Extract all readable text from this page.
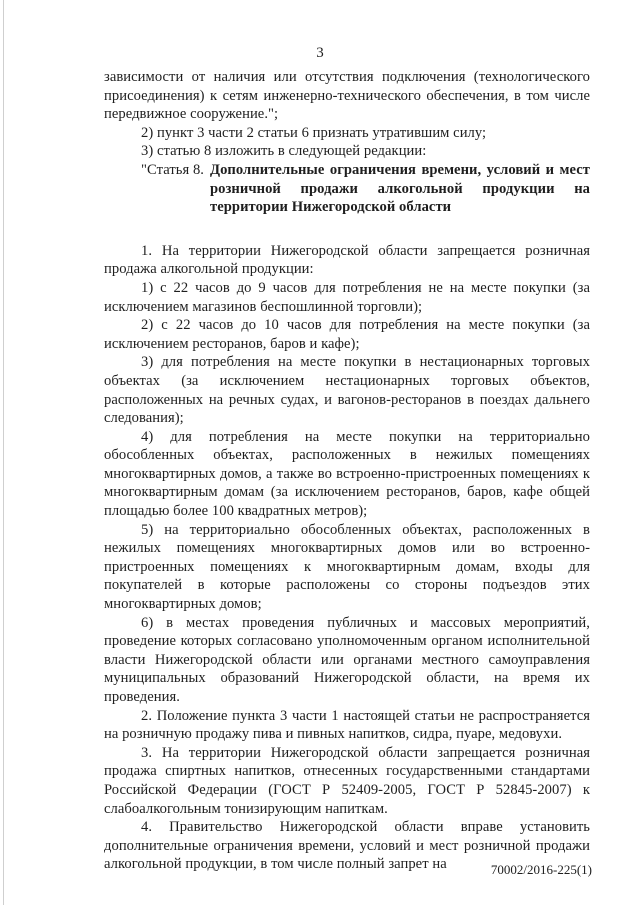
3

зависимости от наличия или отсутствия подключения (технологического присоединения) к сетям инженерно-технического обеспечения, в том числе передвижное сооружение.";

2) пункт 3 части 2 статьи 6 признать утратившим силу;

3) статью 8 изложить в следующей редакции:

"Статья 8. Дополнительные ограничения времени, условий и мест розничной продажи алкогольной продукции на территории Нижегородской области

1. На территории Нижегородской области запрещается розничная продажа алкогольной продукции:

1) с 22 часов до 9 часов для потребления не на месте покупки (за исключением магазинов беспошлинной торговли);

2) с 22 часов до 10 часов для потребления на месте покупки (за исключением ресторанов, баров и кафе);

3) для потребления на месте покупки в нестационарных торговых объектах (за исключением нестационарных торговых объектов, расположенных на речных судах, и вагонов-ресторанов в поездах дальнего следования);

4) для потребления на месте покупки на территориально обособленных объектах, расположенных в нежилых помещениях многоквартирных домов, а также во встроенно-пристроенных помещениях к многоквартирным домам (за исключением ресторанов, баров, кафе общей площадью более 100 квадратных метров);

5) на территориально обособленных объектах, расположенных в нежилых помещениях многоквартирных домов или во встроенно-пристроенных помещениях к многоквартирным домам, входы для покупателей в которые расположены со стороны подъездов этих многоквартирных домов;

6) в местах проведения публичных и массовых мероприятий, проведение которых согласовано уполномоченным органом исполнительной власти Нижегородской области или органами местного самоуправления муниципальных образований Нижегородской области, на время их проведения.

2. Положение пункта 3 части 1 настоящей статьи не распространяется на розничную продажу пива и пивных напитков, сидра, пуаре, медовухи.

3. На территории Нижегородской области запрещается розничная продажа спиртных напитков, отнесенных государственными стандартами Российской Федерации (ГОСТ Р 52409-2005, ГОСТ Р 52845-2007) к слабоалкогольным тонизирующим напиткам.

4. Правительство Нижегородской области вправе установить дополнительные ограничения времени, условий и мест розничной продажи алкогольной продукции, в том числе полный запрет на	70002/2016-225(1)
